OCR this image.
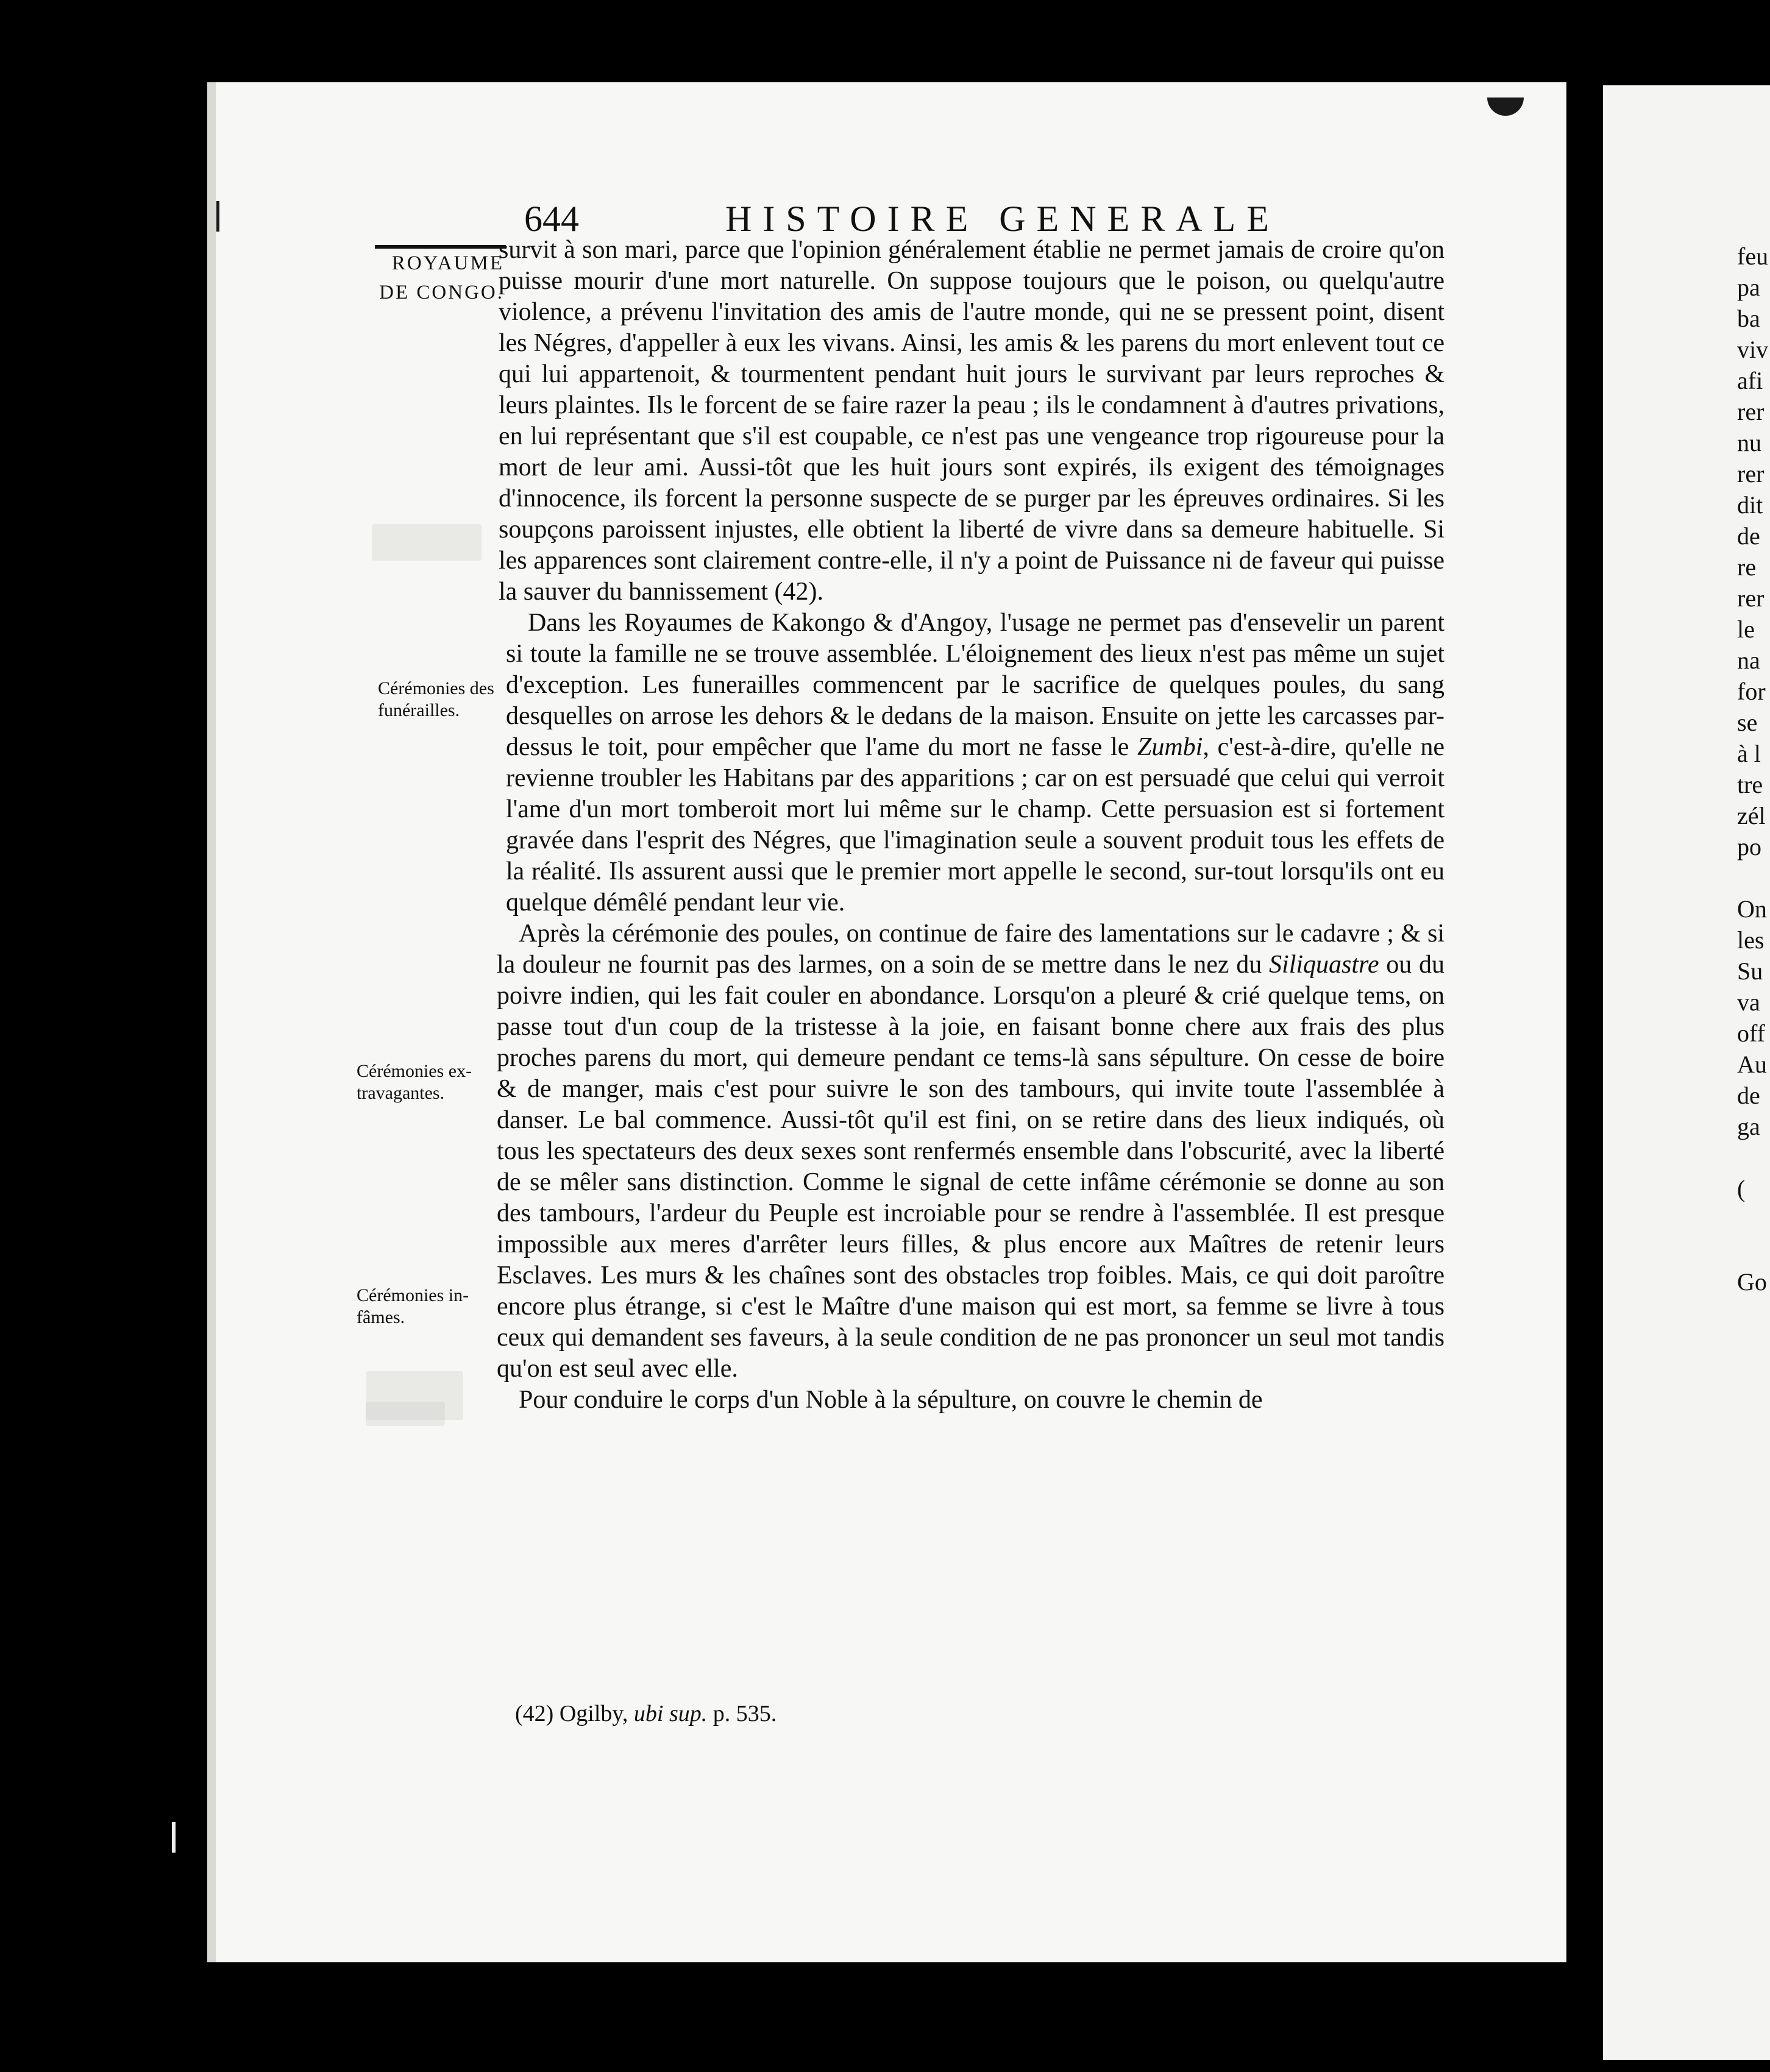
644	HISTOIRE GENERALE
ROYAUME
DE CONGO.
Cérémonies des
funérailles.
Cérémonies ex-
travagantes.
Cérémonies in-
fâmes.

survit à son mari, parce que l'opinion généralement établie ne permet jamais de croire qu'on puisse mourir d'une mort naturelle. On suppose toujours que le poison, ou quelqu'autre violence, a prévenu l'invitation des amis de l'autre monde, qui ne se pressent point, disent les Négres, d'appeller à eux les vivans. Ainsi, les amis & les parens du mort enlevent tout ce qui lui appartenoit, & tourmentent pendant huit jours le survivant par leurs reproches & leurs plaintes. Ils le forcent de se faire razer la peau ; ils le condamnent à d'autres privations, en lui représentant que s'il est coupable, ce n'est pas une vengeance trop rigoureuse pour la mort de leur ami. Aussi-tôt que les huit jours sont expirés, ils exigent des témoignages d'innocence, ils forcent la personne suspecte de se purger par les épreuves ordinaires. Si les soupçons paroissent injustes, elle obtient la liberté de vivre dans sa demeure habituelle. Si les apparences sont clairement contre-elle, il n'y a point de Puissance ni de faveur qui puisse la sauver du bannissement (42).

Dans les Royaumes de Kakongo & d'Angoy, l'usage ne permet pas d'ensevelir un parent si toute la famille ne se trouve assemblée. L'éloignement des lieux n'est pas même un sujet d'exception. Les funerailles commencent par le sacrifice de quelques poules, du sang desquelles on arrose les dehors & le dedans de la maison. Ensuite on jette les carcasses par-dessus le toit, pour empêcher que l'ame du mort ne fasse le Zumbi, c'est-à-dire, qu'elle ne revienne troubler les Habitans par des apparitions ; car on est persuadé que celui qui verroit l'ame d'un mort tomberoit mort lui même sur le champ. Cette persuasion est si fortement gravée dans l'esprit des Négres, que l'imagination seule a souvent produit tous les effets de la réalité. Ils assurent aussi que le premier mort appelle le second, sur-tout lorsqu'ils ont eu quelque démêlé pendant leur vie.

Après la cérémonie des poules, on continue de faire des lamentations sur le cadavre ; & si la douleur ne fournit pas des larmes, on a soin de se mettre dans le nez du Siliquastre ou du poivre indien, qui les fait couler en abondance. Lorsqu'on a pleuré & crié quelque tems, on passe tout d'un coup de la tristesse à la joie, en faisant bonne chere aux frais des plus proches parens du mort, qui demeure pendant ce tems-là sans sépulture. On cesse de boire & de manger, mais c'est pour suivre le son des tambours, qui invite toute l'assemblée à danser. Le bal commence. Aussi-tôt qu'il est fini, on se retire dans des lieux indiqués, où tous les spectateurs des deux sexes sont renfermés ensemble dans l'obscurité, avec la liberté de se mêler sans distinction. Comme le signal de cette infâme cérémonie se donne au son des tambours, l'ardeur du Peuple est incroiable pour se rendre à l'assemblée. Il est presque impossible aux meres d'arrêter leurs filles, & plus encore aux Maîtres de retenir leurs Esclaves. Les murs & les chaînes sont des obstacles trop foibles. Mais, ce qui doit paroître encore plus étrange, si c'est le Maître d'une maison qui est mort, sa femme se livre à tous ceux qui demandent ses faveurs, à la seule condition de ne pas prononcer un seul mot tandis qu'on est seul avec elle.

Pour conduire le corps d'un Noble à la sépulture, on couvre le chemin de

(42) Ogilby, ubi sup. p. 535.
feu
pa
ba
viv
afi
rer
nu
rer
dit
de
re
rer
le
na
for
se
à l
tre
zél
po
On
les
Su
va
off
Au
de
ga
(
Go
